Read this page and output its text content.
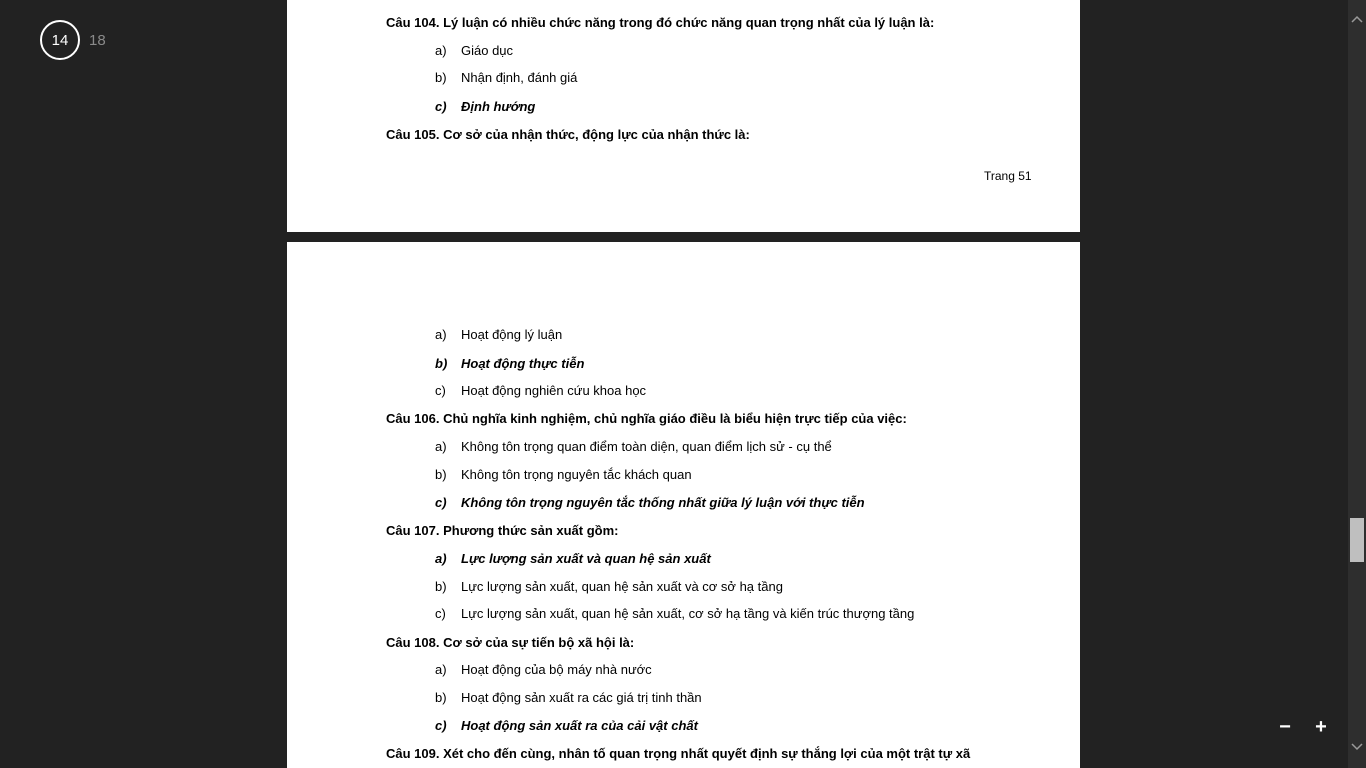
Câu 104. Lý luận có nhiều chức năng trong đó chức năng quan trọng nhất của lý luận là:
a) Giáo dục
b) Nhận định, đánh giá
c) Định hướng
Câu 105. Cơ sở của nhận thức, động lực của nhận thức là:
Trang 51
a) Hoạt động lý luận
b) Hoạt động thực tiễn
c) Hoạt động nghiên cứu khoa học
Câu 106. Chủ nghĩa kinh nghiệm, chủ nghĩa giáo điều là biểu hiện trực tiếp của việc:
a) Không tôn trọng quan điểm toàn diện, quan điểm lịch sử - cụ thể
b) Không tôn trọng nguyên tắc khách quan
c) Không tôn trọng nguyên tắc thống nhất giữa lý luận với thực tiễn
Câu 107. Phương thức sản xuất gồm:
a) Lực lượng sản xuất và quan hệ sản xuất
b) Lực lượng sản xuất, quan hệ sản xuất và cơ sở hạ tầng
c) Lực lượng sản xuất, quan hệ sản xuất, cơ sở hạ tầng và kiến trúc thượng tầng
Câu 108. Cơ sở của sự tiến bộ xã hội là:
a) Hoạt động của bộ máy nhà nước
b) Hoạt động sản xuất ra các giá trị tinh thần
c) Hoạt động sản xuất ra của cải vật chất
Câu 109. Xét cho đến cùng, nhân tố quan trọng nhất quyết định sự thắng lợi của một trật tự xã
14	18
− +
